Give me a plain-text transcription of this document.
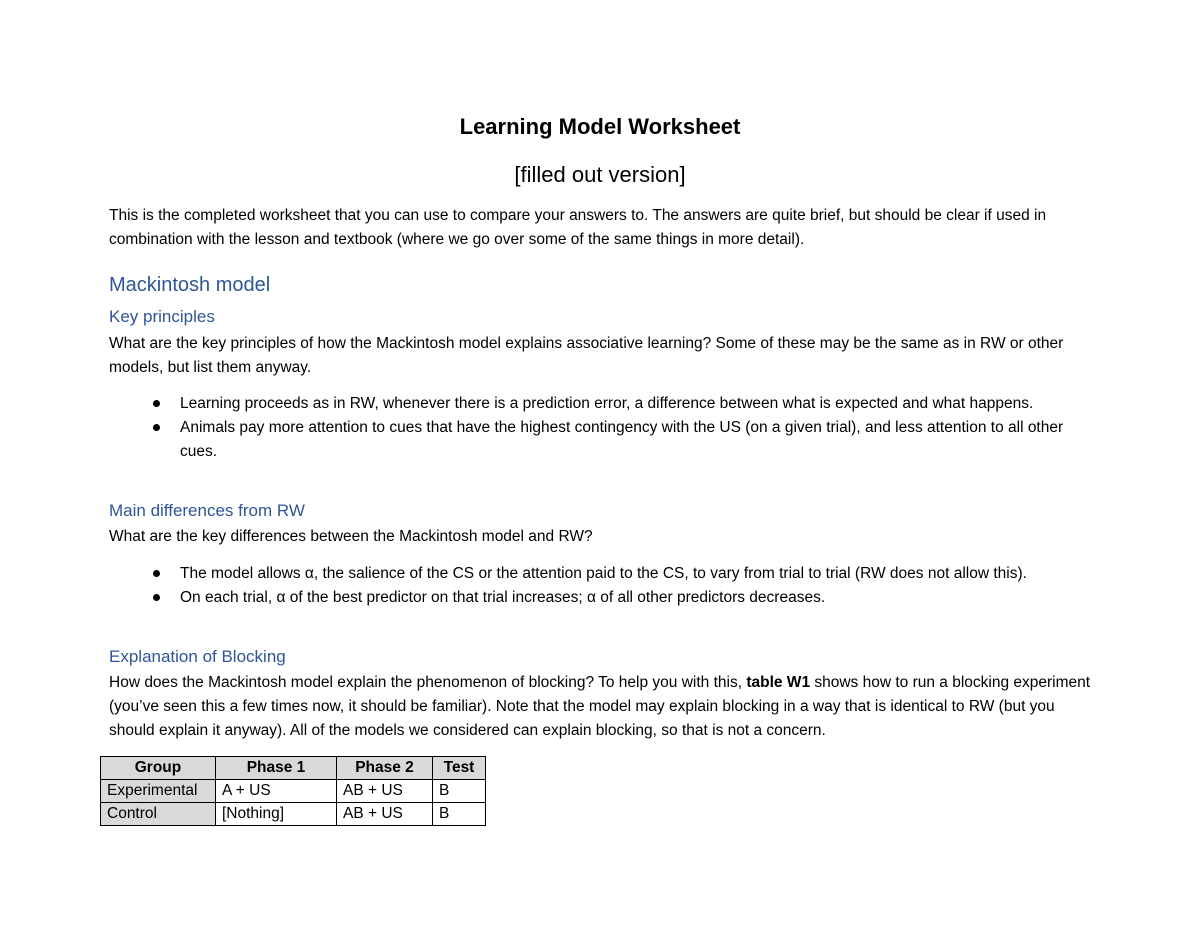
Learning Model Worksheet
[filled out version]
This is the completed worksheet that you can use to compare your answers to. The answers are quite brief, but should be clear if used in combination with the lesson and textbook (where we go over some of the same things in more detail).
Mackintosh model
Key principles
What are the key principles of how the Mackintosh model explains associative learning? Some of these may be the same as in RW or other models, but list them anyway.
Learning proceeds as in RW, whenever there is a prediction error, a difference between what is expected and what happens.
Animals pay more attention to cues that have the highest contingency with the US (on a given trial), and less attention to all other cues.
Main differences from RW
What are the key differences between the Mackintosh model and RW?
The model allows α, the salience of the CS or the attention paid to the CS, to vary from trial to trial (RW does not allow this).
On each trial, α of the best predictor on that trial increases; α of all other predictors decreases.
Explanation of Blocking
How does the Mackintosh model explain the phenomenon of blocking? To help you with this, table W1 shows how to run a blocking experiment (you’ve seen this a few times now, it should be familiar). Note that the model may explain blocking in a way that is identical to RW (but you should explain it anyway). All of the models we considered can explain blocking, so that is not a concern.
Group	Phase 1	Phase 2	Test
Experimental	A + US	AB + US	B
Control	[Nothing]	AB + US	B
